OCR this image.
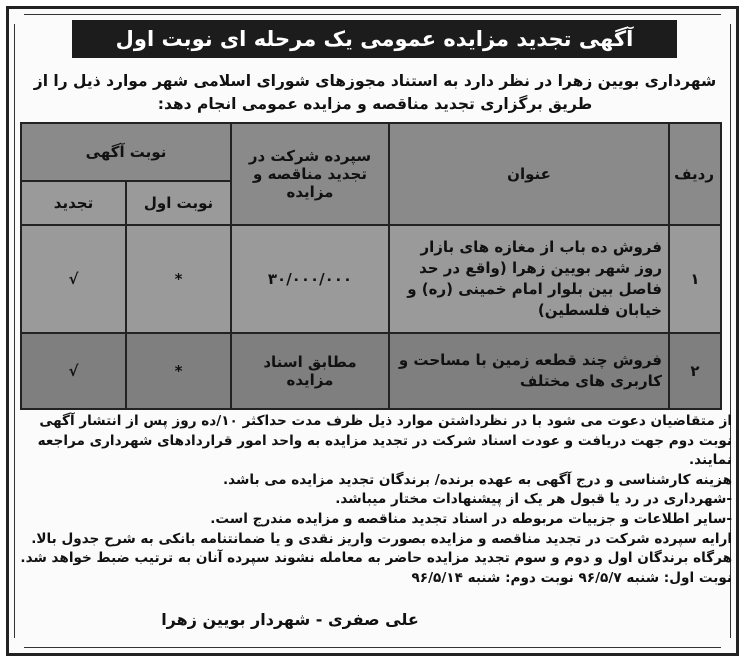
آگهی تجدید مزایده عمومی یک مرحله ای نوبت اول
شهرداری بویین زهرا در نظر دارد به استناد مجوزهای شورای اسلامی شهر موارد ذیل را از طریق برگزاری تجدید مناقصه و مزایده عمومی انجام دهد:
ردیف	عنوان	سپرده شرکت در تجدید مناقصه و مزایده	نوبت آگهی	
			نوبت اول	تجدید
۱	فروش ده باب از مغازه های بازار روز شهر بویین زهرا (واقع در حد فاصل بین بلوار امام خمینی (ره) و خیابان فلسطین)	۳۰/۰۰۰/۰۰۰	*	√
۲	فروش چند قطعه زمین با مساحت و کاربری های مختلف	مطابق اسناد مزایده	*	√

از متقاضیان دعوت می شود با در نظرداشتن موارد ذیل ظرف مدت حداکثر ۱۰/ده روز پس از انتشار آگهی نوبت دوم جهت دریافت و عودت اسناد شرکت در تجدید مزایده به واحد امور قراردادهای شهرداری مراجعه نمایند.

هزینه کارشناسی و درج آگهی به عهده برنده/ برندگان تجدید مزایده می باشد.

-شهرداری در رد یا قبول هر یک از پیشنهادات مختار میباشد.

-سایر اطلاعات و جزییات مربوطه در اسناد تجدید مناقصه و مزایده مندرج است.

ارایه سپرده شرکت در تجدید مناقصه و مزایده بصورت واریز نقدی و یا ضمانتنامه بانکی به شرح جدول بالا.

هرگاه برندگان اول و دوم و سوم تجدید مزایده حاضر به معامله نشوند سپرده آنان به ترتیب ضبط خواهد شد.

نوبت اول: شنبه ۹۶/۵/۷ نوبت دوم: شنبه ۹۶/۵/۱۴

علی صفری - شهردار بویین زهرا
